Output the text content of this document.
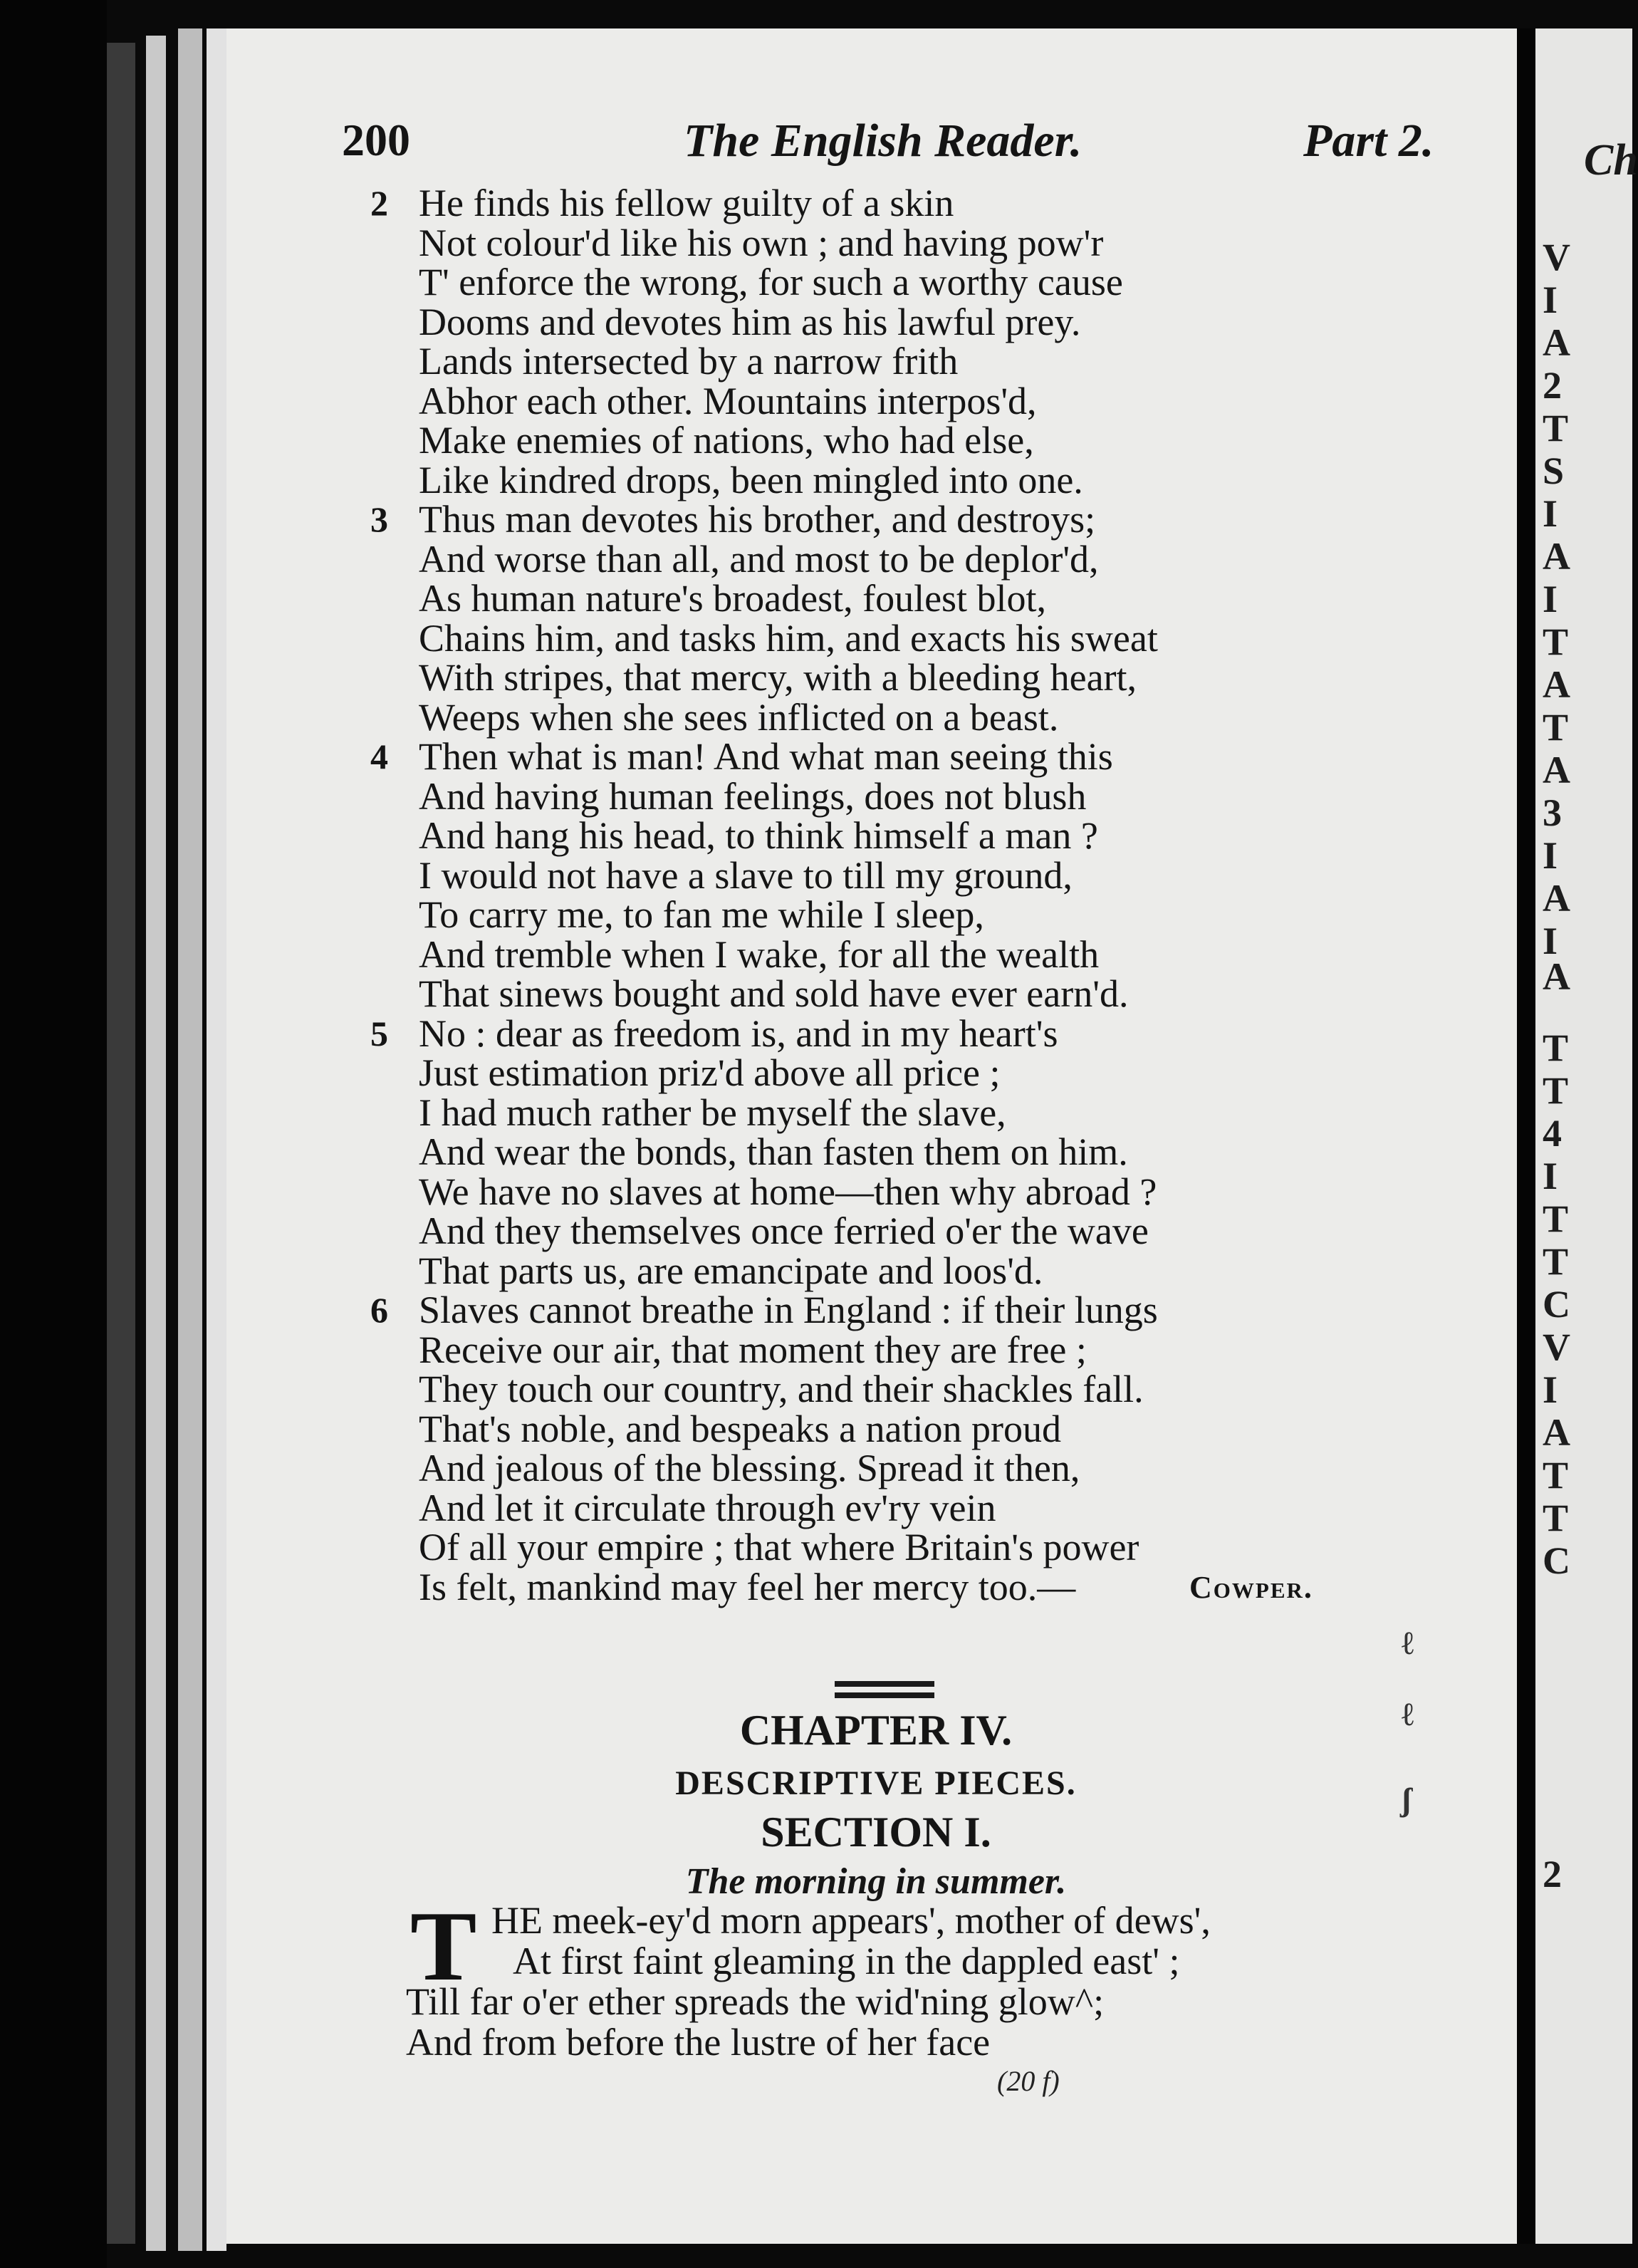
Ch
V
I
A
2
T
S
I
A
I
T
A
T
A
3
I
A
I
A
T
T
4
I
T
T
C
V
I
A
T
T
C
2
200	The English Reader.	Part 2.
2 He finds his fellow guilty of a skin
Not colour'd like his own ; and having pow'r
T' enforce the wrong, for such a worthy cause
Dooms and devotes him as his lawful prey.
Lands intersected by a narrow frith
Abhor each other. Mountains interpos'd,
Make enemies of nations, who had else,
Like kindred drops, been mingled into one.
3 Thus man devotes his brother, and destroys;
And worse than all, and most to be deplor'd,
As human nature's broadest, foulest blot,
Chains him, and tasks him, and exacts his sweat
With stripes, that mercy, with a bleeding heart,
Weeps when she sees inflicted on a beast.
4 Then what is man! And what man seeing this
And having human feelings, does not blush
And hang his head, to think himself a man ?
I would not have a slave to till my ground,
To carry me, to fan me while I sleep,
And tremble when I wake, for all the wealth
That sinews bought and sold have ever earn'd.
5 No : dear as freedom is, and in my heart's
Just estimation priz'd above all price ;
I had much rather be myself the slave,
And wear the bonds, than fasten them on him.
We have no slaves at home—then why abroad ?
And they themselves once ferried o'er the wave
That parts us, are emancipate and loos'd.
6 Slaves cannot breathe in England : if their lungs
Receive our air, that moment they are free ;
They touch our country, and their shackles fall.
That's noble, and bespeaks a nation proud
And jealous of the blessing. Spread it then,
And let it circulate through ev'ry vein
Of all your empire ; that where Britain's power
Is felt, mankind may feel her mercy too.—	Cowper.
CHAPTER IV.
DESCRIPTIVE PIECES.
SECTION I.
The morning in summer.
T HE meek-ey'd morn appears', mother of dews',
At first faint gleaming in the dappled east' ;
Till far o'er ether spreads the wid'ning glow^;
And from before the lustre of her face
(20 f)
ℓ
ℓ
ʃ
